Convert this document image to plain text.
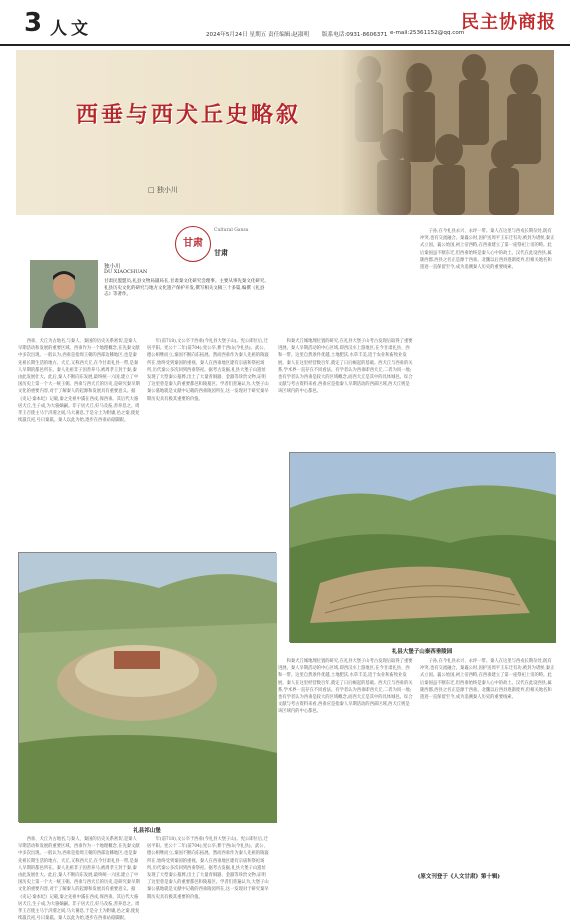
3 人文	2024年5月24日 星期五 责任编辑:赵淑明 版系电话:0931-8606371 e-mail:25361152@qq.com
民主协商报
西垂与西犬丘史略叙
□ 独小川
甘肃
Cultural Gansu
甘肃
独小川
DU XIAOCHUAN
甘肃民盟盟员,礼县文物局副局长,甘肃秦文化研究会理事。主要从事先秦文化研究、礼县历史文化的研究与地方文化遗产保护开发,撰写相关文稿三十多篇,编撰《礼县志》等著作。

西垂、犬丘为古地名,与秦人、秦国的历史关系密切,是秦人早期活动和发展的重要区域。西垂作为一个地理概念,在先秦文献中多次出现。一般认为,西垂是指周王朝的西部边陲地区,也是秦先祖长期生活的地方。犬丘,又称西犬丘,在今甘肃礼县一带,是秦人早期的都邑所在。秦人先祖非子因善养马,被周孝王封于秦,秦由此发展壮大。此后,秦人不断向东发展,最终统一六国,建立了中国历史上第一个大一统王朝。西垂与西犬丘的历史,是研究秦早期文化的重要内容,对于了解秦人的起源和发展具有重要意义。据《史记·秦本纪》记载,秦之先祖中潏在西戎,保西垂。其后代大骆居犬丘,生子成,为大骆嫡嗣。非子居犬丘,好马及畜,善养息之。周孝王召使主马于汧渭之间,马大蕃息,于是分土为附庸,邑之秦,使复续嬴氏祀,号曰秦嬴。秦人以此为始,逐步在西垂站稳脚跟。

年(前718),文公卒于西垂(今礼县大堡子山)。宪公即位后,迁居平阳。宪公十二年(前704),宪公卒,葬于西山(今礼县)。武公、德公相继而立,秦国不断向东拓展。然而西垂作为秦人先祖的陵寝所在,始终受到秦国的重视。秦人在西垂地区建有宗庙和祭祀场所,历代秦公多次回到西垂祭祀。据考古发掘,礼县大堡子山遗址发现了大型秦公墓葬,出土了大量青铜器、金器等珍贵文物,证明了这里曾是秦人的重要都邑和陵墓区。学者们普遍认为,大堡子山秦公墓地就是文献中记载的西垂陵园所在,这一发现对于研究秦早期历史具有极其重要的价值。

和秦犬丘城地理位置的研究,在礼县大堡子山考古发现后取得了重要进展。秦人早期活动的中心区域,即西汉水上游地区,在今甘肃礼县、西和一带。这里自然条件优越,土地肥沃,水草丰美,适于农业和畜牧业发展。秦人在这里经营数百年,奠定了日后崛起的基础。西犬丘与西垂的关系,学术界一直存在不同看法。有学者认为西垂即西犬丘,二者为同一地;也有学者认为西垂是较大的区域概念,而西犬丘是其中的具体城邑。综合文献与考古资料来看,西垂应是指秦人早期活动的西部区域,西犬丘则是该区域内的中心都邑。

子孙,在今礼县永兴、永坪一带。秦人在这里与西戎长期杂处,既有冲突,也有交流融合。秦襄公时,因护送周平王东迁有功,被封为诸侯,秦正式立国。襄公始国,祠上帝西畤,在西垂建立了第一座祭祀上帝的畤。此后秦国虽不断东迁,但西垂始终是秦人心中的故土。汉代在此设西县,属陇西郡,西县之名正是源于西垂。北魏以后西县逐渐废弃,但相关地名和遗迹一直保留至今,成为追溯秦人历史的重要线索。

礼县大堡子山秦西垂陵园

和秦犬丘城地理位置的研究,在礼县大堡子山考古发现后取得了重要进展。秦人早期活动的中心区域,即西汉水上游地区,在今甘肃礼县、西和一带。这里自然条件优越,土地肥沃,水草丰美,适于农业和畜牧业发展。秦人在这里经营数百年,奠定了日后崛起的基础。西犬丘与西垂的关系,学术界一直存在不同看法。有学者认为西垂即西犬丘,二者为同一地;也有学者认为西垂是较大的区域概念,而西犬丘是其中的具体城邑。综合文献与考古资料来看,西垂应是指秦人早期活动的西部区域,西犬丘则是该区域内的中心都邑。

子孙,在今礼县永兴、永坪一带。秦人在这里与西戎长期杂处,既有冲突,也有交流融合。秦襄公时,因护送周平王东迁有功,被封为诸侯,秦正式立国。襄公始国,祠上帝西畤,在西垂建立了第一座祭祀上帝的畤。此后秦国虽不断东迁,但西垂始终是秦人心中的故土。汉代在此设西县,属陇西郡,西县之名正是源于西垂。北魏以后西县逐渐废弃,但相关地名和遗迹一直保留至今,成为追溯秦人历史的重要线索。

礼县祁山堡

西垂、犬丘为古地名,与秦人、秦国的历史关系密切,是秦人早期活动和发展的重要区域。西垂作为一个地理概念,在先秦文献中多次出现。一般认为,西垂是指周王朝的西部边陲地区,也是秦先祖长期生活的地方。犬丘,又称西犬丘,在今甘肃礼县一带,是秦人早期的都邑所在。秦人先祖非子因善养马,被周孝王封于秦,秦由此发展壮大。此后,秦人不断向东发展,最终统一六国,建立了中国历史上第一个大一统王朝。西垂与西犬丘的历史,是研究秦早期文化的重要内容,对于了解秦人的起源和发展具有重要意义。据《史记·秦本纪》记载,秦之先祖中潏在西戎,保西垂。其后代大骆居犬丘,生子成,为大骆嫡嗣。非子居犬丘,好马及畜,善养息之。周孝王召使主马于汧渭之间,马大蕃息,于是分土为附庸,邑之秦,使复续嬴氏祀,号曰秦嬴。秦人以此为始,逐步在西垂站稳脚跟。

年(前718),文公卒于西垂(今礼县大堡子山)。宪公即位后,迁居平阳。宪公十二年(前704),宪公卒,葬于西山(今礼县)。武公、德公相继而立,秦国不断向东拓展。然而西垂作为秦人先祖的陵寝所在,始终受到秦国的重视。秦人在西垂地区建有宗庙和祭祀场所,历代秦公多次回到西垂祭祀。据考古发掘,礼县大堡子山遗址发现了大型秦公墓葬,出土了大量青铜器、金器等珍贵文物,证明了这里曾是秦人的重要都邑和陵墓区。学者们普遍认为,大堡子山秦公墓地就是文献中记载的西垂陵园所在,这一发现对于研究秦早期历史具有极其重要的价值。

(原文刊登于《人文甘肃》第十辑)
